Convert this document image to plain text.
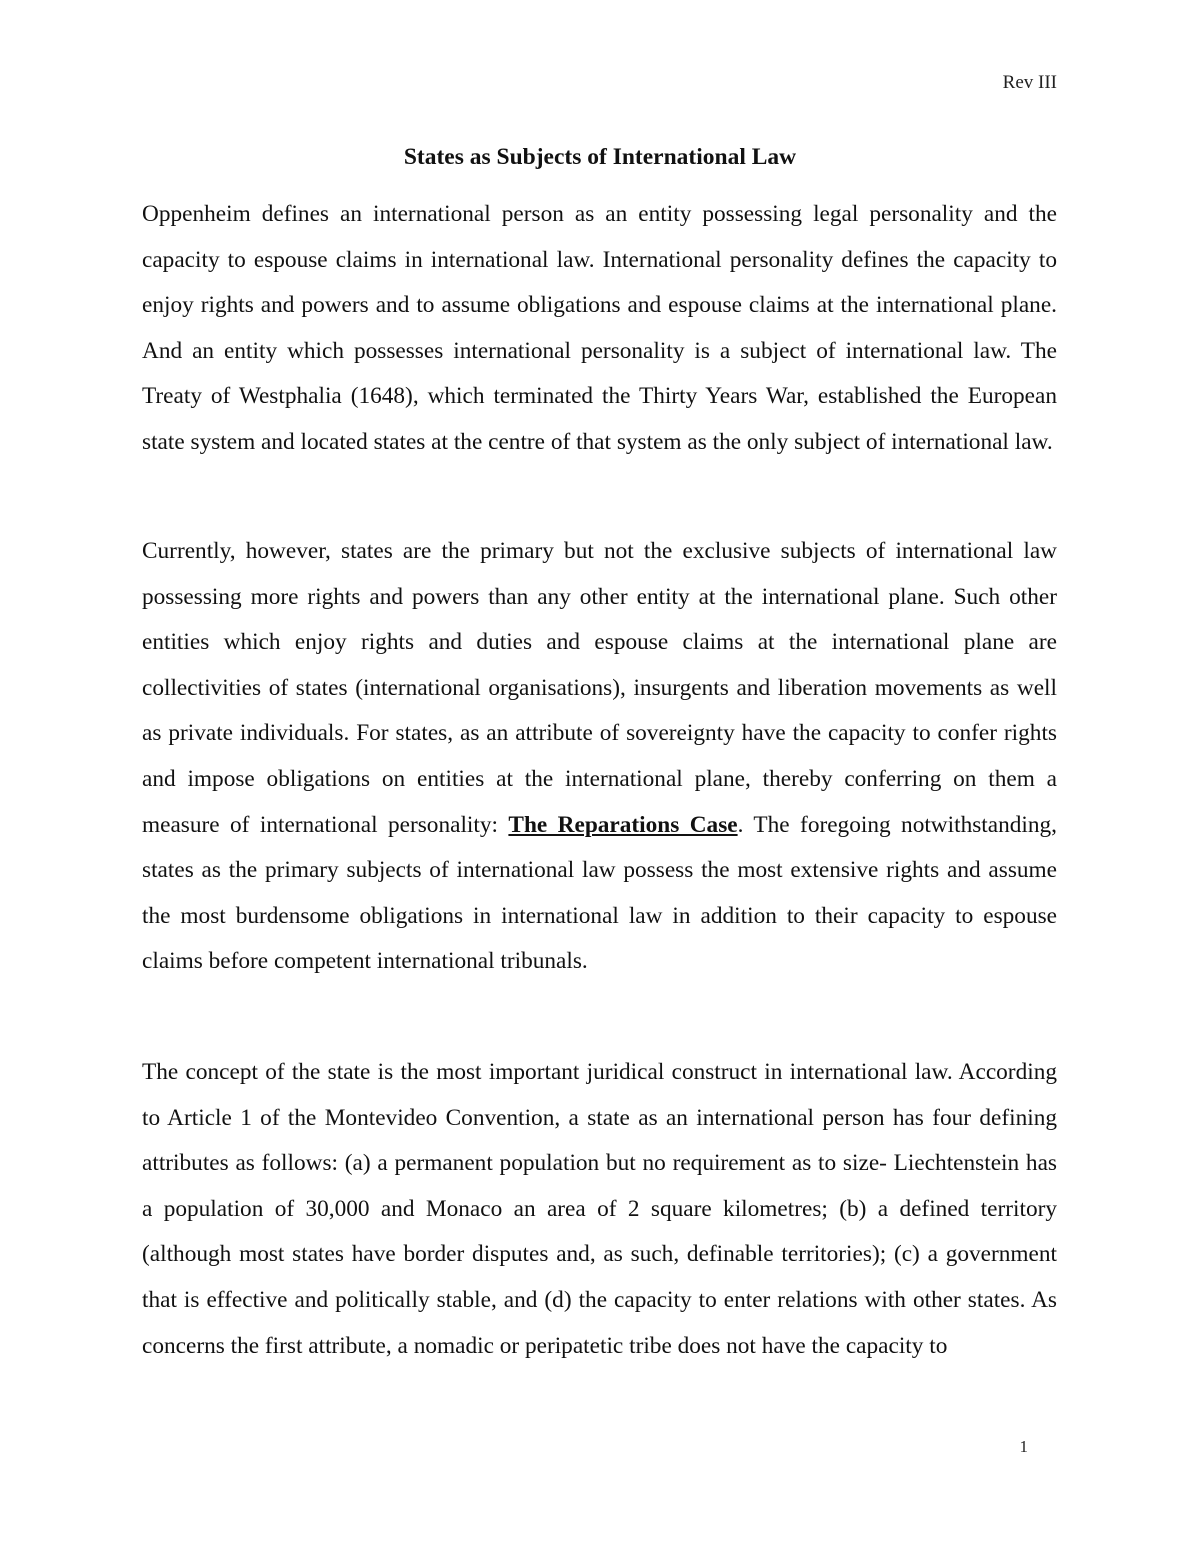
Rev III
States as Subjects of International Law

Oppenheim defines an international person as an entity possessing legal personality and the capacity to espouse claims in international law. International personality defines the capacity to enjoy rights and powers and to assume obligations and espouse claims at the international plane. And an entity which possesses international personality is a subject of international law. The Treaty of Westphalia (1648), which terminated the Thirty Years War, established the European state system and located states at the centre of that system as the only subject of international law.

Currently, however, states are the primary but not the exclusive subjects of international law possessing more rights and powers than any other entity at the international plane. Such other entities which enjoy rights and duties and espouse claims at the international plane are collectivities of states (international organisations), insurgents and liberation movements as well as private individuals. For states, as an attribute of sovereignty have the capacity to confer rights and impose obligations on entities at the international plane, thereby conferring on them a measure of international personality: The Reparations Case. The foregoing notwithstanding, states as the primary subjects of international law possess the most extensive rights and assume the most burdensome obligations in international law in addition to their capacity to espouse claims before competent international tribunals.

The concept of the state is the most important juridical construct in international law. According to Article 1 of the Montevideo Convention, a state as an international person has four defining attributes as follows: (a) a permanent population but no requirement as to size- Liechtenstein has a population of 30,000 and Monaco an area of 2 square kilometres; (b) a defined territory (although most states have border disputes and, as such, definable territories); (c) a government that is effective and politically stable, and (d) the capacity to enter relations with other states. As concerns the first attribute, a nomadic or peripatetic tribe does not have the capacity to

1
